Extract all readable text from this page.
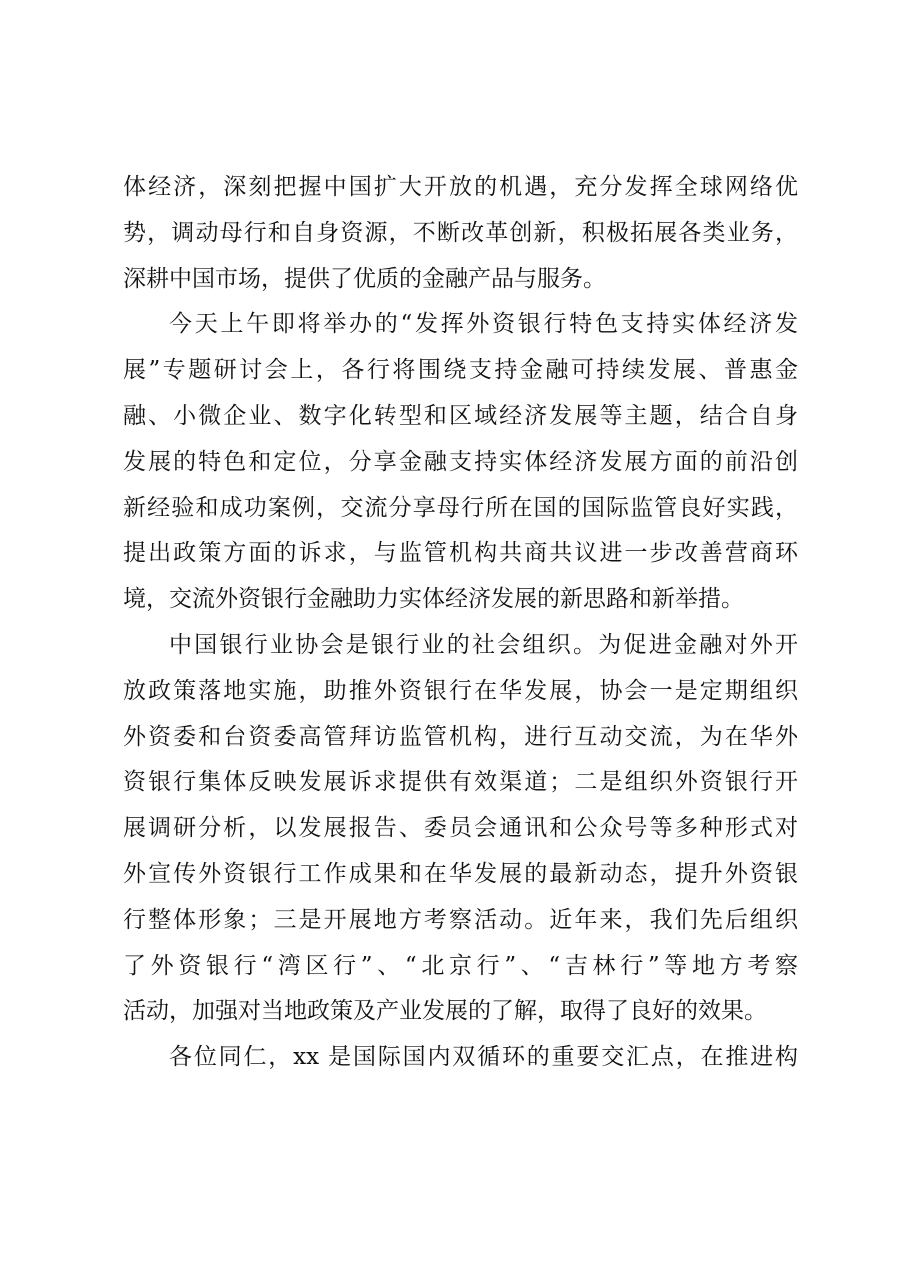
体经济，深刻把握中国扩大开放的机遇，充分发挥全球网络优
势，调动母行和自身资源，不断改革创新，积极拓展各类业务，
深耕中国市场，提供了优质的金融产品与服务。
今天上午即将举办的“发挥外资银行特色支持实体经济发
展”专题研讨会上，各行将围绕支持金融可持续发展、普惠金
融、小微企业、数字化转型和区域经济发展等主题，结合自身
发展的特色和定位，分享金融支持实体经济发展方面的前沿创
新经验和成功案例，交流分享母行所在国的国际监管良好实践，
提出政策方面的诉求，与监管机构共商共议进一步改善营商环
境，交流外资银行金融助力实体经济发展的新思路和新举措。
中国银行业协会是银行业的社会组织。为促进金融对外开
放政策落地实施，助推外资银行在华发展，协会一是定期组织
外资委和台资委高管拜访监管机构，进行互动交流，为在华外
资银行集体反映发展诉求提供有效渠道；二是组织外资银行开
展调研分析，以发展报告、委员会通讯和公众号等多种形式对
外宣传外资银行工作成果和在华发展的最新动态，提升外资银
行整体形象；三是开展地方考察活动。近年来，我们先后组织
了外资银行“湾区行”、“北京行”、“吉林行”等地方考察
活动，加强对当地政策及产业发展的了解，取得了良好的效果。
各位同仁，xx 是国际国内双循环的重要交汇点，在推进构
